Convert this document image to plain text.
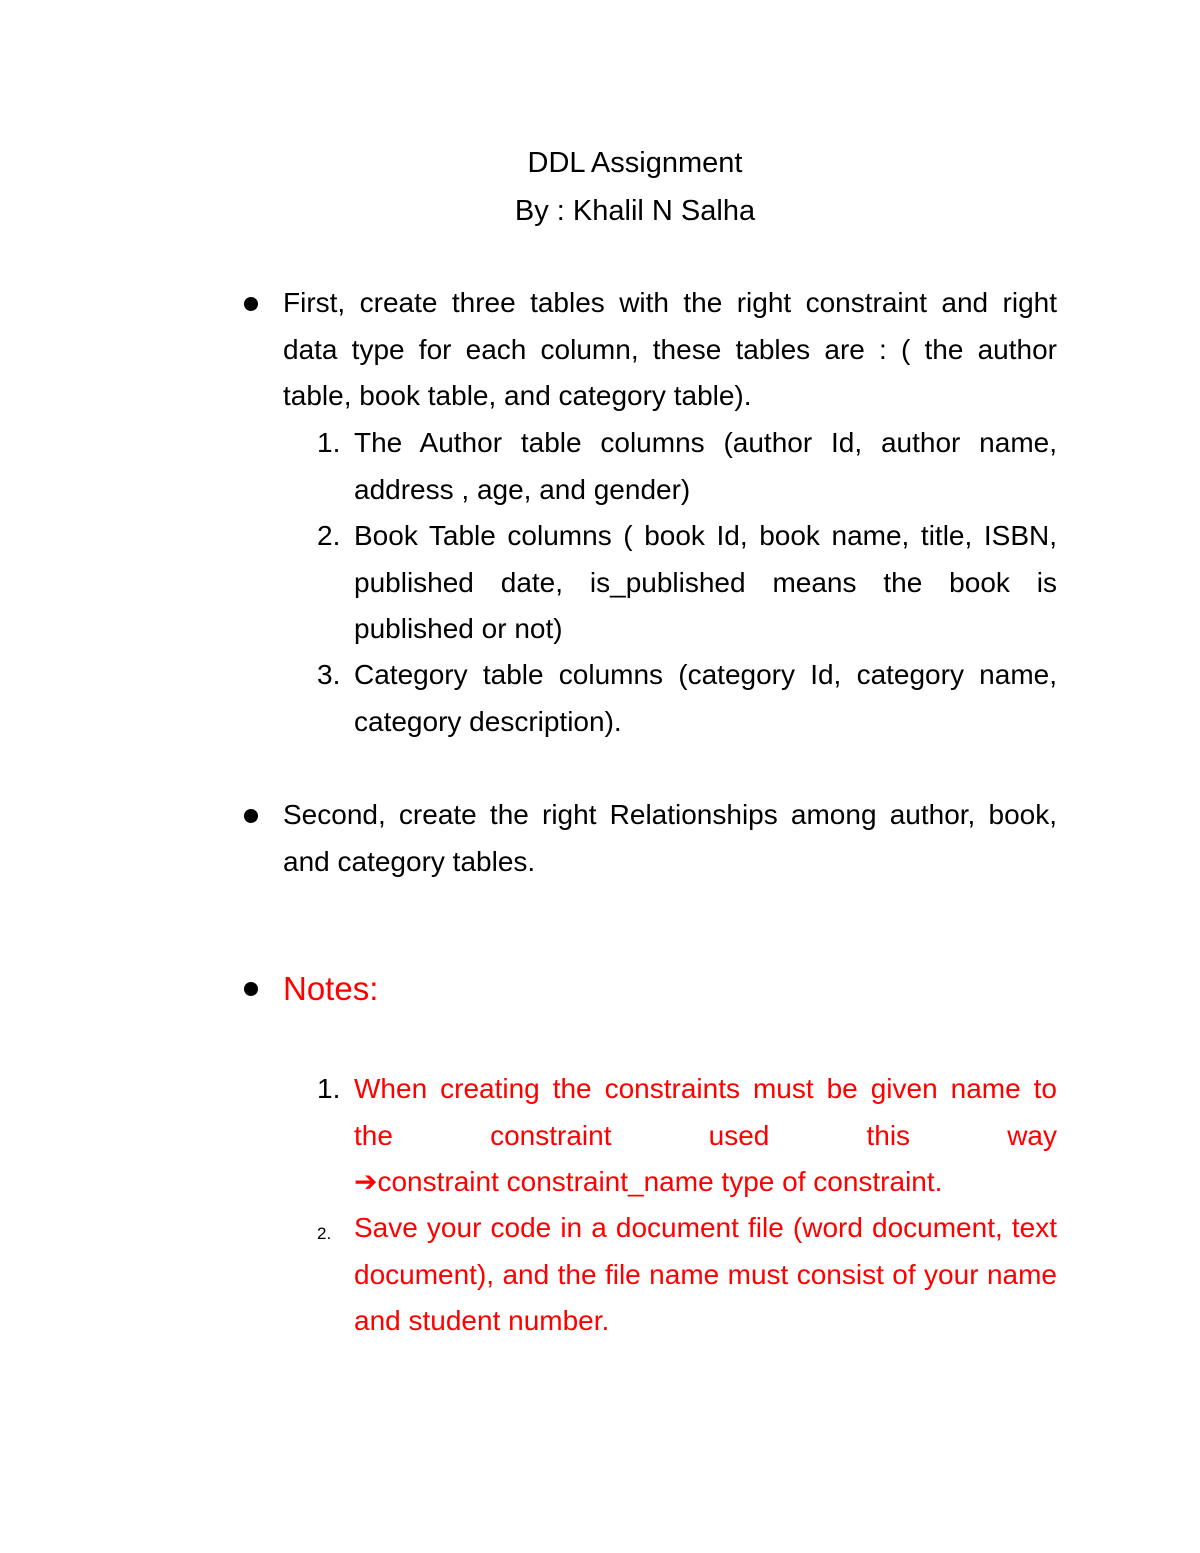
DDL Assignment
By : Khalil N Salha
First, create three tables with the right constraint and right data type for each column, these tables are : ( the author table, book table, and category table).
1. The Author table columns (author Id, author name, address , age, and gender)
2. Book Table columns ( book Id, book name, title, ISBN, published date, is_published means the book is published or not)
3. Category table columns (category Id, category name, category description).
Second, create the right Relationships among author, book, and category tables.
Notes:
1. When creating the constraints must be given name to the constraint used this way
➔constraint constraint_name type of constraint.
2. Save your code in a document file (word document, text document), and the file name must consist of your name and student number.
